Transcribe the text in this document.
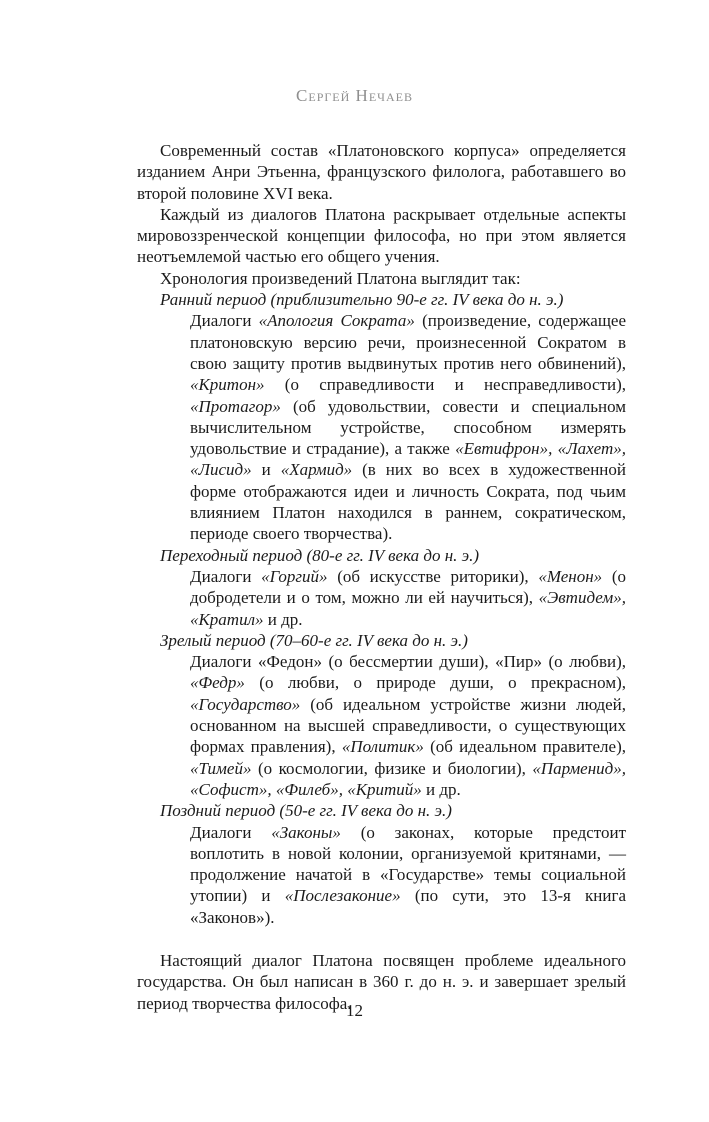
Сергей Нечаев

Современный состав «Платоновского корпуса» определяется изданием Анри Этьенна, французского филолога, работавшего во второй половине XVI века.

Каждый из диалогов Платона раскрывает отдельные аспекты мировоззренческой концепции философа, но при этом является неотъемлемой частью его общего учения.

Хронология произведений Платона выглядит так:

Ранний период (приблизительно 90-е гг. IV века до н. э.)

Диалоги «Апология Сократа» (произведение, содержащее платоновскую версию речи, произнесенной Сократом в свою защиту против выдвинутых против него обвинений), «Критон» (о справедливости и несправедливости), «Протагор» (об удовольствии, совести и специальном вычислительном устройстве, способном измерять удовольствие и страдание), а также «Евтифрон», «Лахет», «Лисид» и «Хармид» (в них во всех в художественной форме отображаются идеи и личность Сократа, под чьим влиянием Платон находился в раннем, сократическом, периоде своего творчества).

Переходный период (80-е гг. IV века до н. э.)

Диалоги «Горгий» (об искусстве риторики), «Менон» (о добродетели и о том, можно ли ей научиться), «Эвтидем», «Кратил» и др.

Зрелый период (70–60-е гг. IV века до н. э.)

Диалоги «Федон» (о бессмертии души), «Пир» (о любви), «Федр» (о любви, о природе души, о прекрасном), «Государство» (об идеальном устройстве жизни людей, основанном на высшей справедливости, о существующих формах правления), «Политик» (об идеальном правителе), «Тимей» (о космологии, физике и биологии), «Парменид», «Софист», «Филеб», «Критий» и др.

Поздний период (50-е гг. IV века до н. э.)

Диалоги «Законы» (о законах, которые предстоит воплотить в новой колонии, организуемой критянами, — продолжение начатой в «Государстве» темы социальной утопии) и «Послезаконие» (по сути, это 13-я книга «Законов»).

Настоящий диалог Платона посвящен проблеме идеального государства. Он был написан в 360 г. до н. э. и завершает зрелый период творчества философа.

12
